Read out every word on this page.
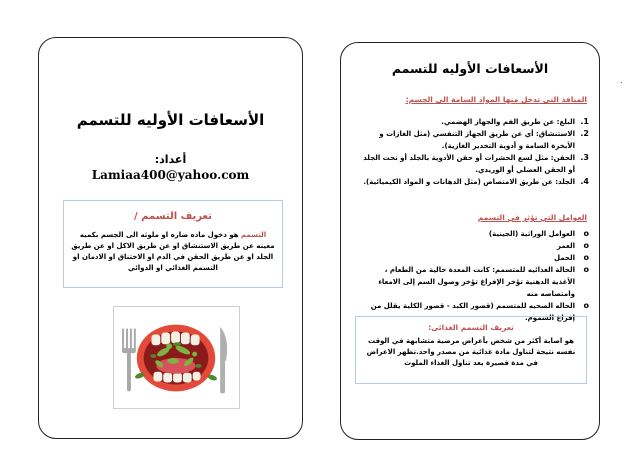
.
الأسعافات الأوليه للتسمم
أعداد:
Lamiaa400@yahoo.com
تعريف التسمم /
التسمم هو دخول ماده ضاره او ملوثه الى الجسم بكميه معينه عن طريق الاستنشاق او عن طريق الاكل او عن طريق الجلد او عن طريق الحقن في الدم او الاختناق او الادمان او التسمم الغذائي او الدوائي
الأسعافات الأوليه للتسمم
المنافذ التى تدخل منها المواد السامة الى الجسم:
1.
البلع: عن طريق الفم والجهاز الهضمي.
2.
الاستنشاق: أي عن طريق الجهاز التنفسي (مثل الغازات و الأبخرة السامة و أدوية التخدير الغازية).
3.
الحقن: مثل لسع الحشرات أو حقن الأدوية بالجلد أو تحت الجلد أو الحقن العضلي أو الوريدي.
4.
الجلد: عن طريق الامتصاص (مثل الدهانات و المواد الكيميائية).
العوامل التي تؤثر في التسمم
o
العوامل الوراثية (الجينية)
o
العمر
o
الحمل
o
الحالة الغذائيه للمتسمم: كانت المعدة خالية من الطعام ، الأغذية الدهنية تؤخر الإفراغ تؤخر وصول السم إلى الامعاء وامتصاصه منه
o
الحاله الصحيه للمتسمم (قصور الكبد - قصور الكلية يقلل من إفراغ السموم.
تعريف التسمم الغذائى:
هو اصابة أكثر من شخص بأعراض مرضية متشابهة في الوقت نفسه نتيجة لتناول مادة غذائية من مصدر واحد.تظهر الاعراض في مدة قصيرة بعد تناول الغذاء الملوث
